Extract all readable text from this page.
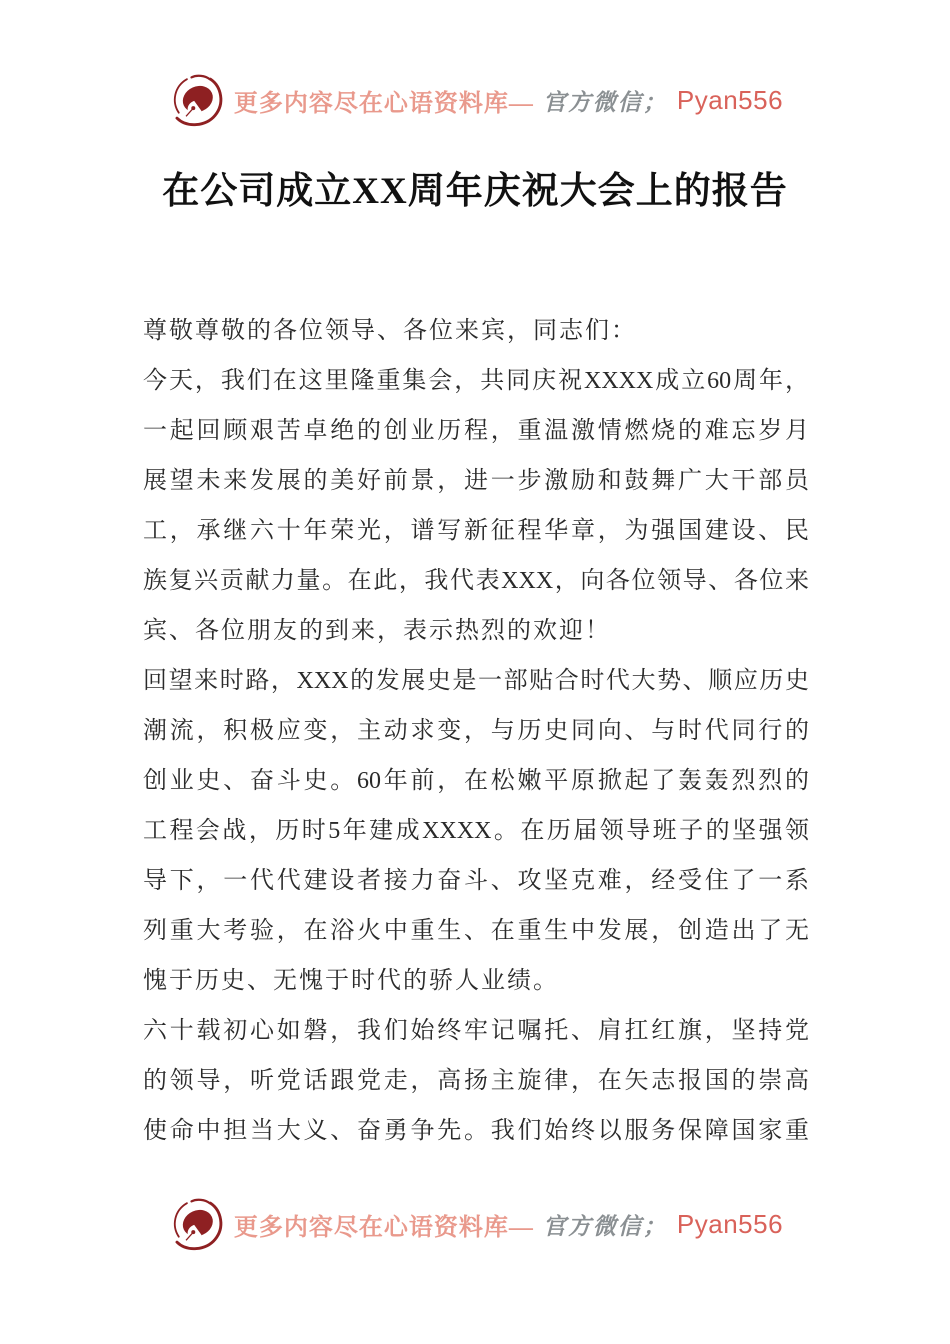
更多内容尽在心语资料库— 官方微信； Pyan556
在公司成立XX周年庆祝大会上的报告
尊敬尊敬的各位领导、各位来宾，同志们：
今天，我们在这里隆重集会，共同庆祝XXXX成立60周年，
一起回顾艰苦卓绝的创业历程，重温激情燃烧的难忘岁月
展望未来发展的美好前景，进一步激励和鼓舞广大干部员
工，承继六十年荣光，谱写新征程华章，为强国建设、民
族复兴贡献力量。在此，我代表XXX，向各位领导、各位来
宾、各位朋友的到来，表示热烈的欢迎！
回望来时路，XXX的发展史是一部贴合时代大势、顺应历史
潮流，积极应变，主动求变，与历史同向、与时代同行的
创业史、奋斗史。60年前，在松嫩平原掀起了轰轰烈烈的
工程会战，历时5年建成XXXX。在历届领导班子的坚强领
导下，一代代建设者接力奋斗、攻坚克难，经受住了一系
列重大考验，在浴火中重生、在重生中发展，创造出了无
愧于历史、无愧于时代的骄人业绩。
六十载初心如磐，我们始终牢记嘱托、肩扛红旗，坚持党
的领导，听党话跟党走，高扬主旋律，在矢志报国的崇高
使命中担当大义、奋勇争先。我们始终以服务保障国家重
更多内容尽在心语资料库— 官方微信； Pyan556
